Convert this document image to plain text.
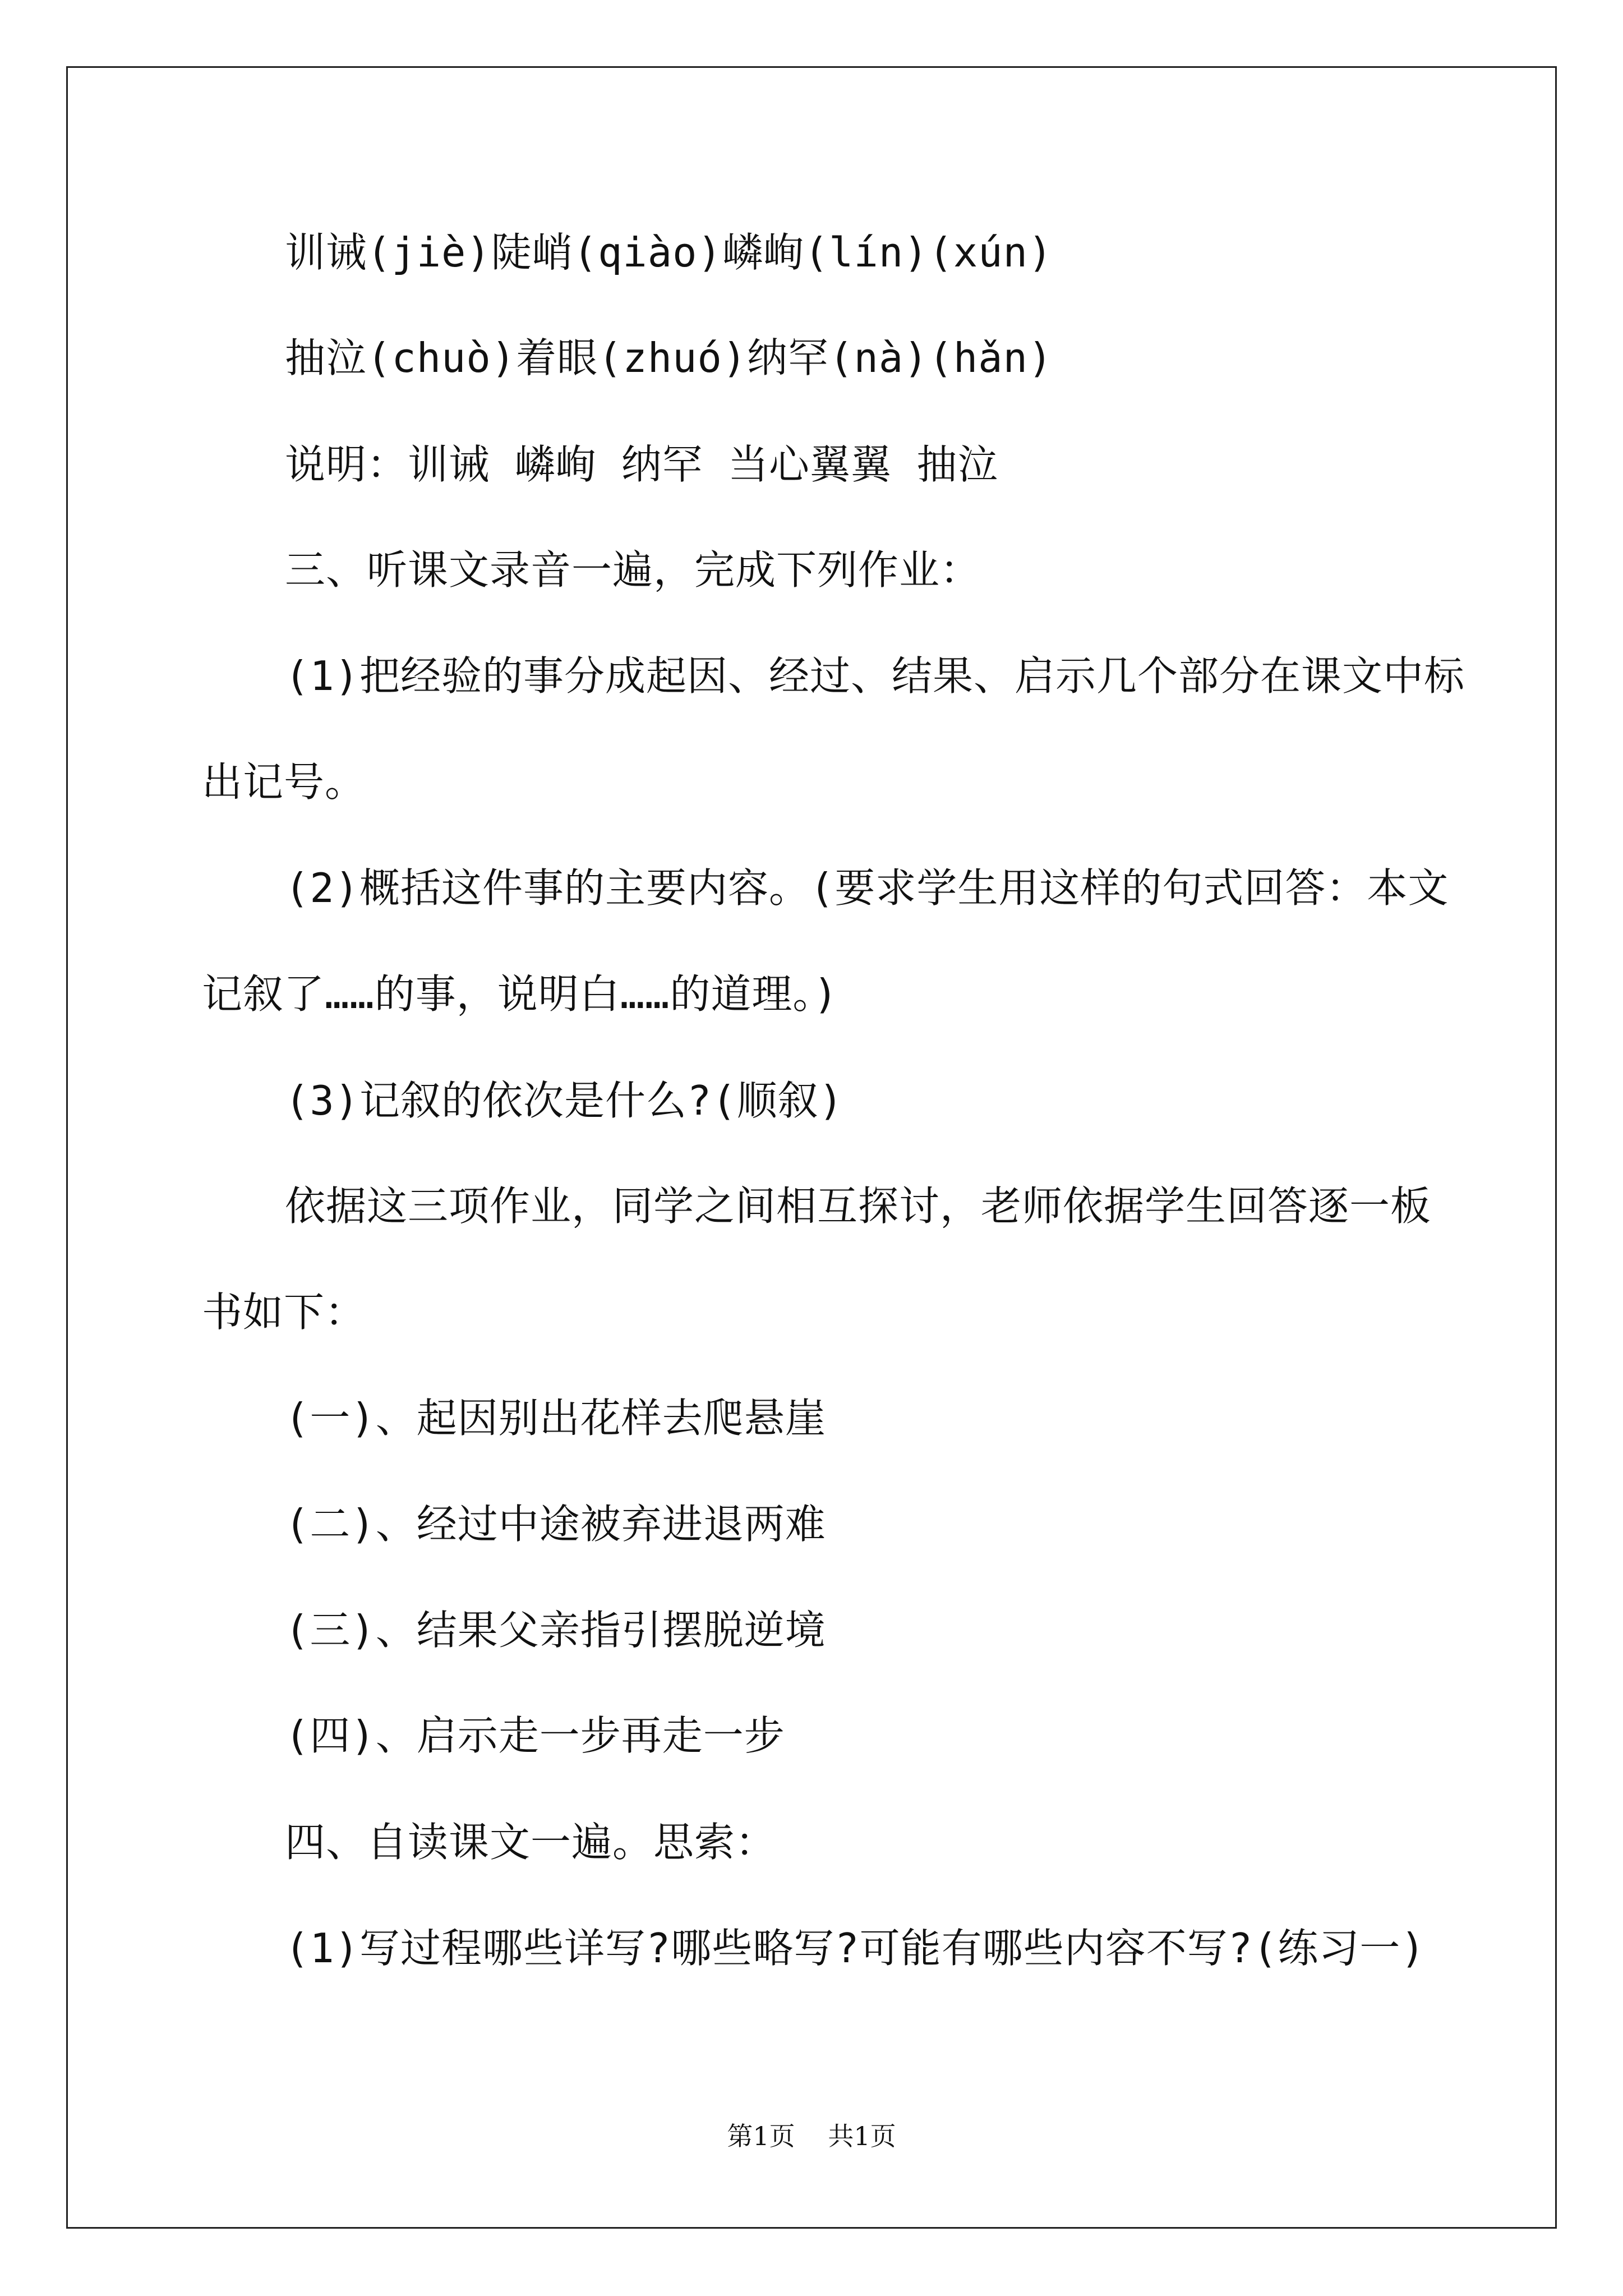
训诫(jiè)陡峭(qiào)嶙峋(lín)(xún)
抽泣(chuò)着眼(zhuó)纳罕(nà)(hǎn)
说明：训诫 嶙峋 纳罕 当心翼翼 抽泣
三、听课文录音一遍，完成下列作业：
(1)把经验的事分成起因、经过、结果、启示几个部分在课文中标
出记号。
(2)概括这件事的主要内容。(要求学生用这样的句式回答：本文
记叙了……的事，说明白……的道理。)
(3)记叙的依次是什么?(顺叙)
依据这三项作业，同学之间相互探讨，老师依据学生回答逐一板
书如下：
(一)、起因别出花样去爬悬崖
(二)、经过中途被弃进退两难
(三)、结果父亲指引摆脱逆境
(四)、启示走一步再走一步
四、自读课文一遍。思索：
(1)写过程哪些详写?哪些略写?可能有哪些内容不写?(练习一)
第1页 共1页
